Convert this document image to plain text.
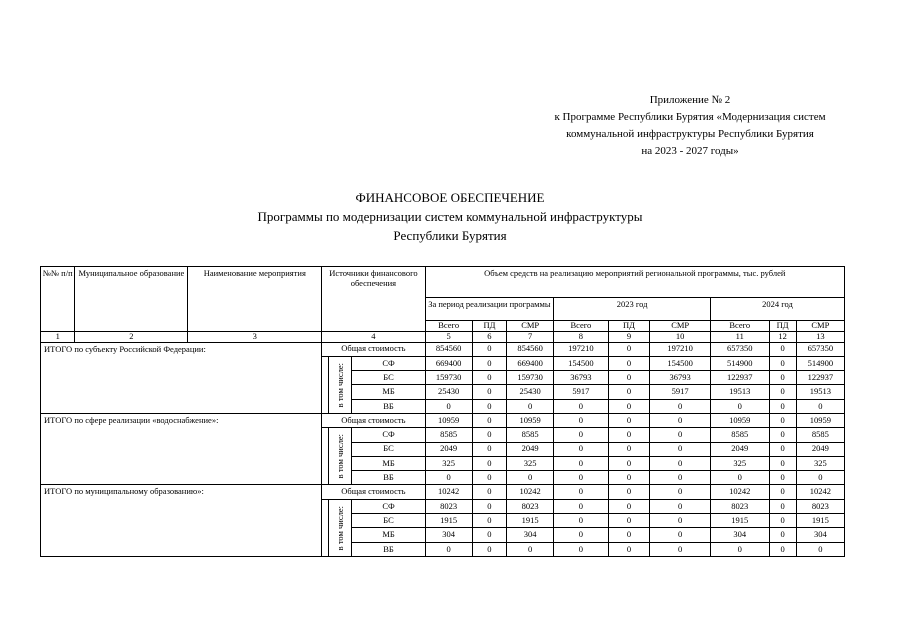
Приложение № 2
к Программе Республики Бурятия «Модернизация систем
коммунальной инфраструктуры Республики Бурятия
на 2023 - 2027 годы»
ФИНАНСОВОЕ ОБЕСПЕЧЕНИЕ
Программы по модернизации систем коммунальной инфраструктуры
Республики Бурятия
№№ п/п	Муниципальное образование	Наименование мероприятия	Источники финансового обеспечения			Объем средств на реализацию мероприятий региональной программы, тыс. рублей								
						За период реализации программы			2023 год			2024 год		
						Всего	ПД	СМР	Всего	ПД	СМР	Всего	ПД	СМР
1	2	3	4			5	6	7	8	9	10	11	12	13
ИТОГО по субъекту Российской Федерации:			Общая стоимость			854560	0	854560	197210	0	197210	657350	0	657350

				в том числе:	СФ	669400	0	669400	154500	0	154500	514900	0	514900
					БС	159730	0	159730	36793	0	36793	122937	0	122937
					МБ	25430	0	25430	5917	0	5917	19513	0	19513
					ВБ	0	0	0	0	0	0	0	0	0
ИТОГО по сфере реализации «водоснабжение»:			Общая стоимость			10959	0	10959	0	0	0	10959	0	10959

				в том числе:	СФ	8585	0	8585	0	0	0	8585	0	8585
					БС	2049	0	2049	0	0	0	2049	0	2049
					МБ	325	0	325	0	0	0	325	0	325
					ВБ	0	0	0	0	0	0	0	0	0
ИТОГО по муниципальному образованию»:			Общая стоимость			10242	0	10242	0	0	0	10242	0	10242

				в том числе:	СФ	8023	0	8023	0	0	0	8023	0	8023
					БС	1915	0	1915	0	0	0	1915	0	1915
					МБ	304	0	304	0	0	0	304	0	304
					ВБ	0	0	0	0	0	0	0	0	0
